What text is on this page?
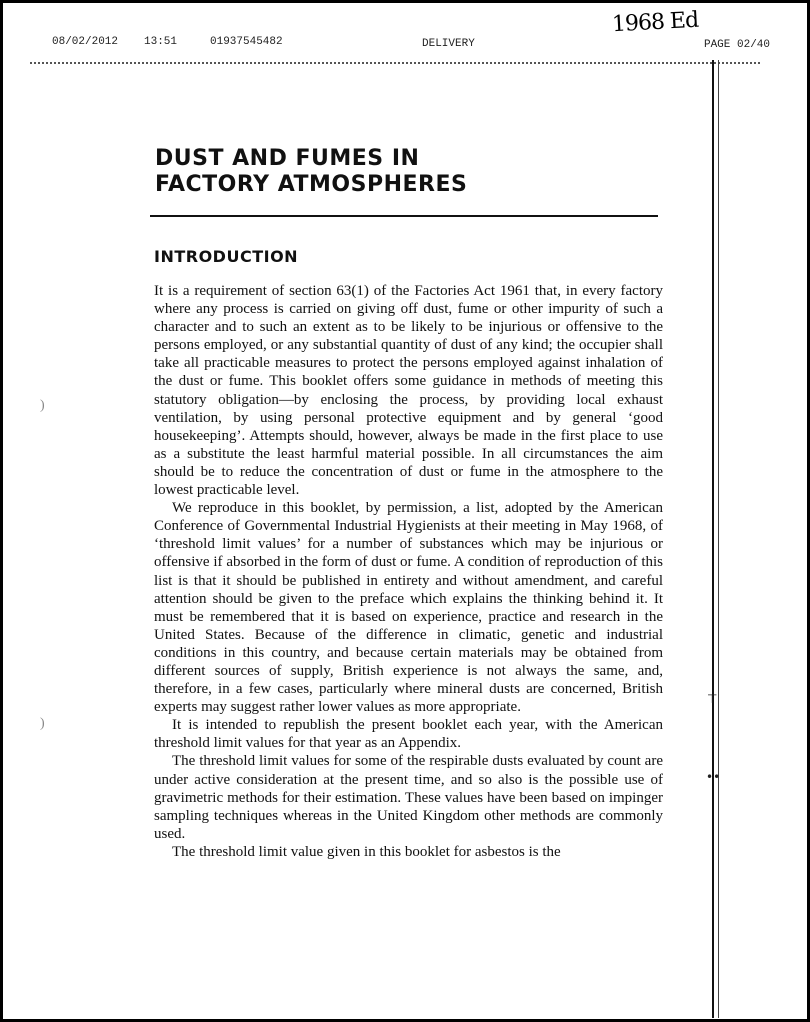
08/02/2012 13:51	01937545482	DELIVERY	PAGE 02/40
1968 Ed
)
)
⊤
••
DUST AND FUMES IN
FACTORY ATMOSPHERES
INTRODUCTION

It is a requirement of section 63(1) of the Factories Act 1961 that, in every factory where any process is carried on giving off dust, fume or other impurity of such a character and to such an extent as to be likely to be injurious or offensive to the persons employed, or any substantial quantity of dust of any kind; the occupier shall take all practicable measures to protect the persons employed against inhalation of the dust or fume. This booklet offers some guidance in methods of meeting this statutory obligation—by enclosing the process, by providing local exhaust ventilation, by using personal protective equipment and by general ‘good housekeeping’. Attempts should, however, always be made in the first place to use as a substitute the least harmful material possible. In all circumstances the aim should be to reduce the concentration of dust or fume in the atmosphere to the lowest practicable level.

We reproduce in this booklet, by permission, a list, adopted by the American Conference of Governmental Industrial Hygienists at their meeting in May 1968, of ‘threshold limit values’ for a number of substances which may be injurious or offensive if absorbed in the form of dust or fume. A condition of reproduction of this list is that it should be published in entirety and without amendment, and careful attention should be given to the preface which explains the thinking behind it. It must be remembered that it is based on experience, practice and research in the United States. Because of the difference in climatic, genetic and industrial conditions in this country, and because certain materials may be obtained from different sources of supply, British experience is not always the same, and, therefore, in a few cases, particularly where mineral dusts are concerned, British experts may suggest rather lower values as more appropriate.

It is intended to republish the present booklet each year, with the American threshold limit values for that year as an Appendix.

The threshold limit values for some of the respirable dusts evaluated by count are under active consideration at the present time, and so also is the possible use of gravimetric methods for their estimation. These values have been based on impinger sampling techniques whereas in the United Kingdom other methods are commonly used.

The threshold limit value given in this booklet for asbestos is the
